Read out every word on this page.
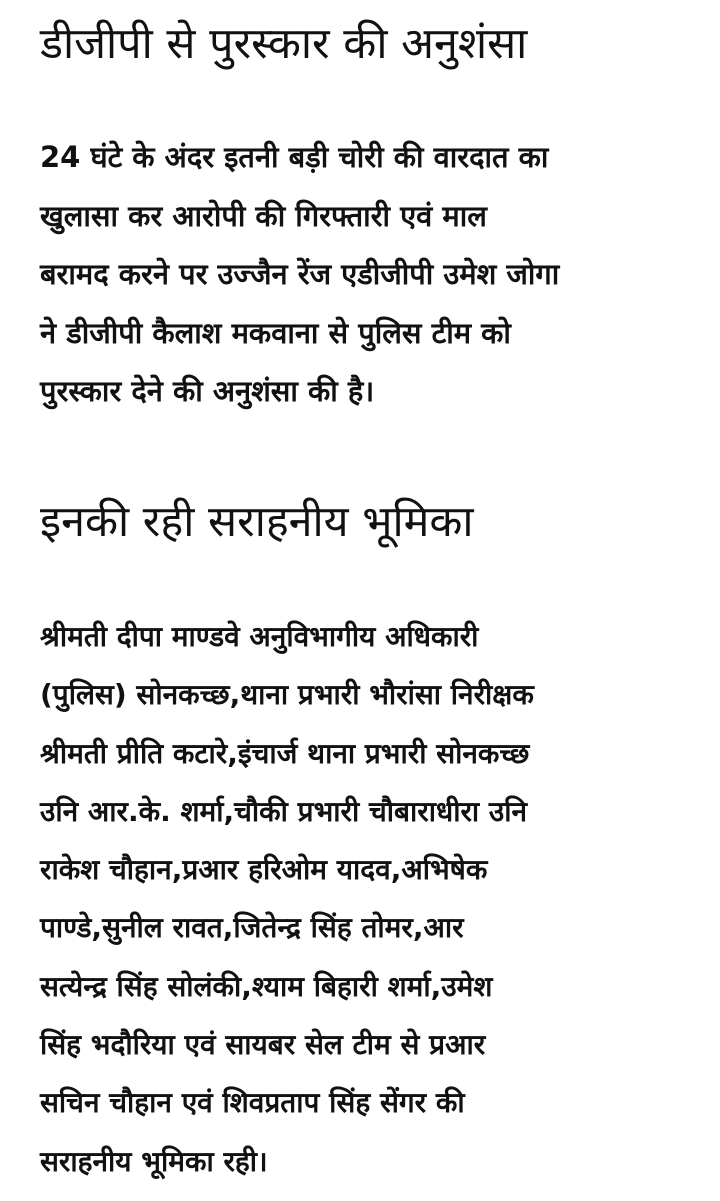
डीजीपी से पुरस्कार की अनुशंसा

24 घंटे के अंदर इतनी बड़ी चोरी की वारदात का
खुलासा कर आरोपी की गिरफ्तारी एवं माल
बरामद करने पर उज्जैन रेंज एडीजीपी उमेश जोगा
ने डीजीपी कैलाश मकवाना से पुलिस टीम को
पुरस्कार देने की अनुशंसा की है।

इनकी रही सराहनीय भूमिका

श्रीमती दीपा माण्डवे अनुविभागीय अधिकारी
(पुलिस) सोनकच्छ,थाना प्रभारी भौरांसा निरीक्षक
श्रीमती प्रीति कटारे,इंचार्ज थाना प्रभारी सोनकच्छ
उनि आर.के. शर्मा,चौकी प्रभारी चौबाराधीरा उनि
राकेश चौहान,प्रआर हरिओम यादव,अभिषेक
पाण्डे,सुनील रावत,जितेन्द्र सिंह तोमर,आर
सत्येन्द्र सिंह सोलंकी,श्याम बिहारी शर्मा,उमेश
सिंह भदौरिया एवं सायबर सेल टीम से प्रआर
सचिन चौहान एवं शिवप्रताप सिंह सेंगर की
सराहनीय भूमिका रही।
